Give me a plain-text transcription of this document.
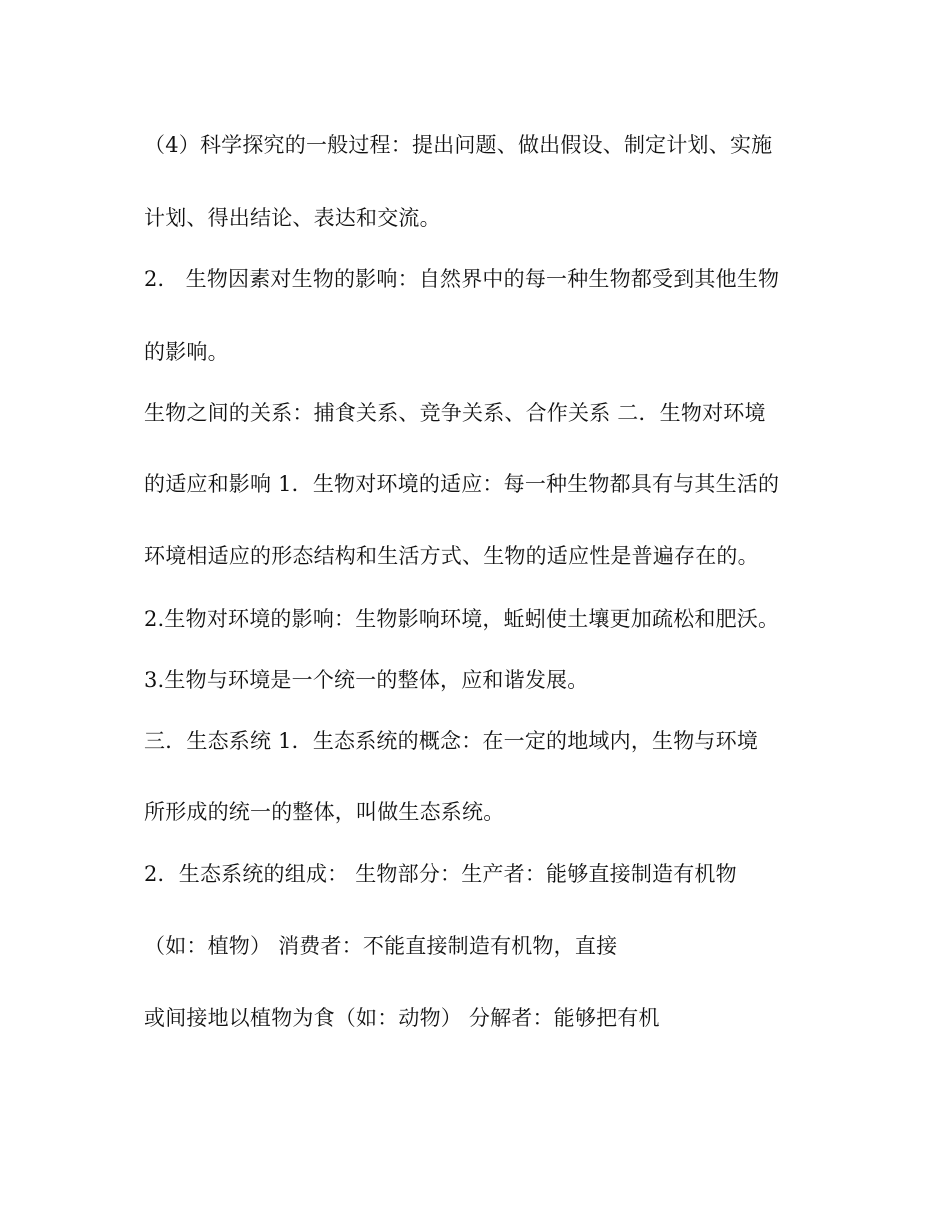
（4）科学探究的一般过程：提出问题、做出假设、制定计划、实施
计划、得出结论、表达和交流。
2． 生物因素对生物的影响：自然界中的每一种生物都受到其他生物
的影响。
生物之间的关系：捕食关系、竞争关系、合作关系 二．生物对环境
的适应和影响 1．生物对环境的适应：每一种生物都具有与其生活的
环境相适应的形态结构和生活方式、生物的适应性是普遍存在的。
2.生物对环境的影响：生物影响环境，蚯蚓使土壤更加疏松和肥沃。
3.生物与环境是一个统一的整体，应和谐发展。
三．生态系统 1．生态系统的概念：在一定的地域内，生物与环境
所形成的统一的整体，叫做生态系统。
2．生态系统的组成： 生物部分：生产者：能够直接制造有机物
（如：植物） 消费者：不能直接制造有机物，直接
或间接地以植物为食（如：动物） 分解者：能够把有机
